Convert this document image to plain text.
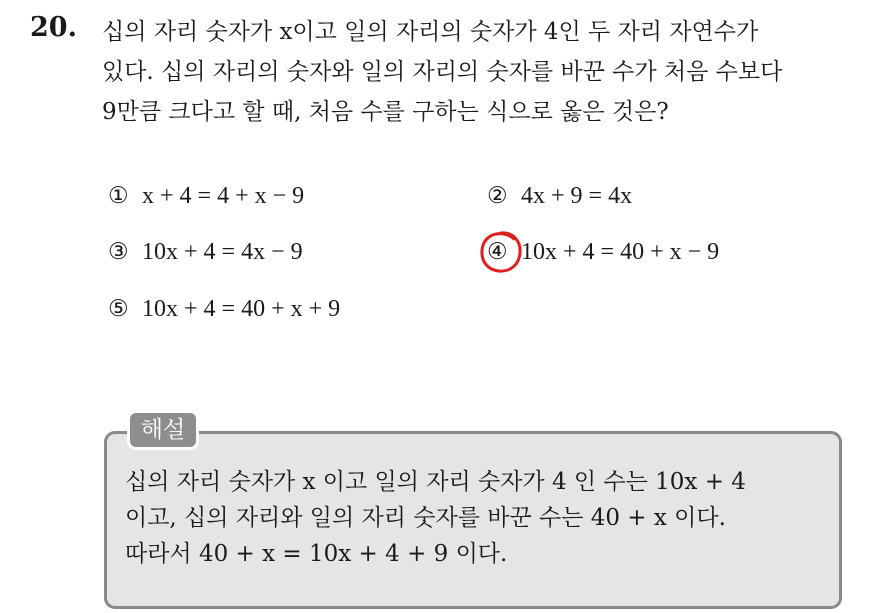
20. 십의 자리 숫자가 x이고 일의 자리의 숫자가 4인 두 자리 자연수가
있다. 십의 자리의 숫자와 일의 자리의 숫자를 바꾼 수가 처음 수보다
9만큼 크다고 할 때, 처음 수를 구하는 식으로 옳은 것은?
① x + 4 = 4 + x − 9	② 4x + 9 = 4x
③ 10x + 4 = 4x − 9	④ 10x + 4 = 40 + x − 9
⑤ 10x + 4 = 40 + x + 9
해설
십의 자리 숫자가 x 이고 일의 자리 숫자가 4 인 수는 10x + 4
이고, 십의 자리와 일의 자리 숫자를 바꾼 수는 40 + x 이다.
따라서 40 + x = 10x + 4 + 9 이다.
